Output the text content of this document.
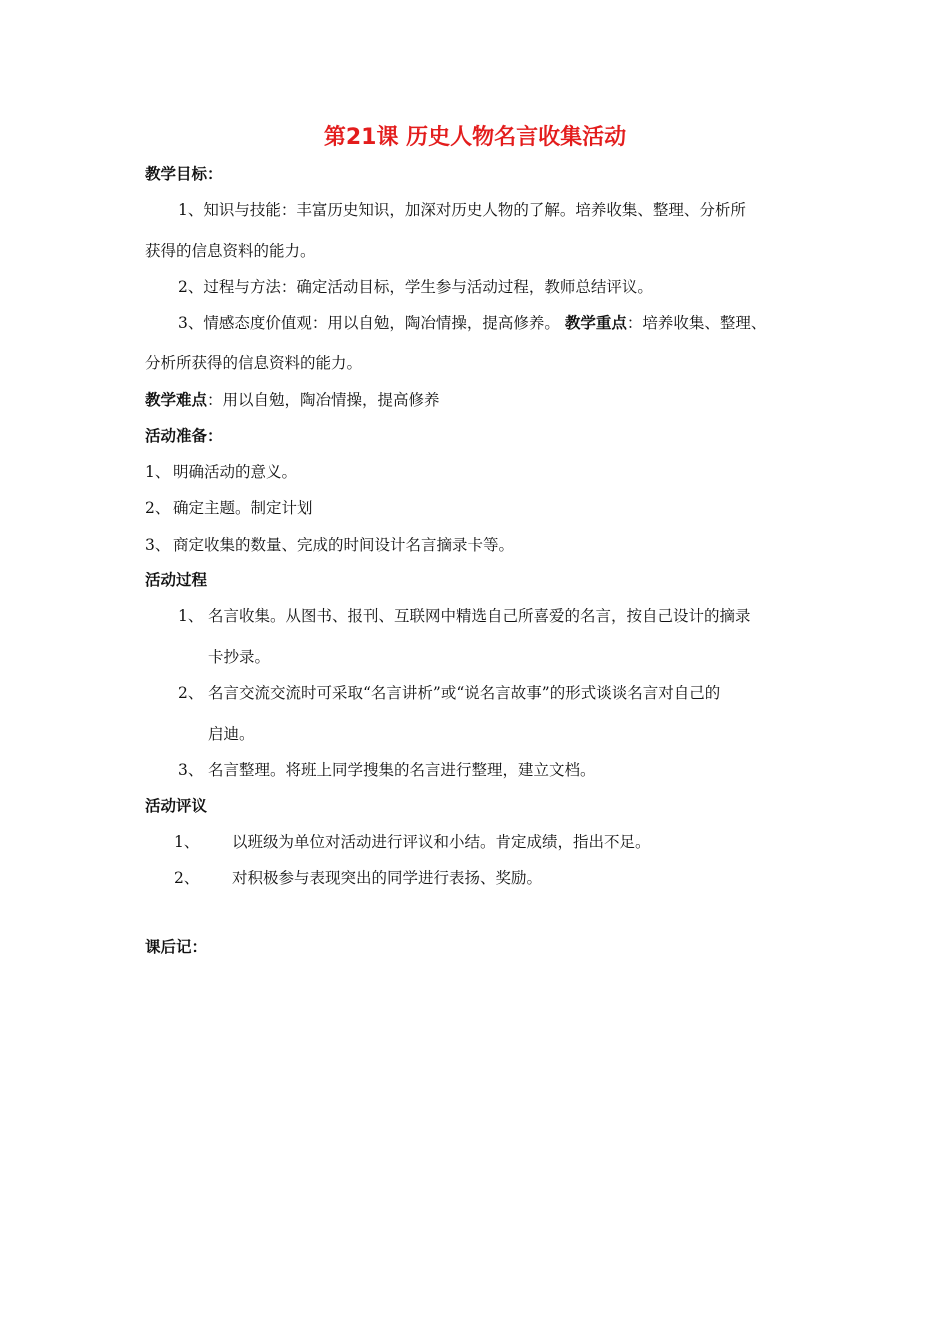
第21课 历史人物名言收集活动
教学目标：
1、知识与技能：丰富历史知识，加深对历史人物的了解。培养收集、整理、分析所
获得的信息资料的能力。
2、过程与方法：确定活动目标，学生参与活动过程，教师总结评议。
3、情感态度价值观：用以自勉，陶冶情操，提高修养。 教学重点：培养收集、整理、
分析所获得的信息资料的能力。
教学难点：用以自勉，陶冶情操，提高修养
活动准备：
1、 明确活动的意义。
2、 确定主题。制定计划
3、 商定收集的数量、完成的时间设计名言摘录卡等。
活动过程
1、 名言收集。从图书、报刊、互联网中精选自己所喜爱的名言，按自己设计的摘录
卡抄录。
2、 名言交流交流时可采取“名言讲析”或“说名言故事”的形式谈谈名言对自己的
启迪。
3、 名言整理。将班上同学搜集的名言进行整理，建立文档。
活动评议
1、 以班级为单位对活动进行评议和小结。肯定成绩，指出不足。
2、 对积极参与表现突出的同学进行表扬、奖励。
课后记：
